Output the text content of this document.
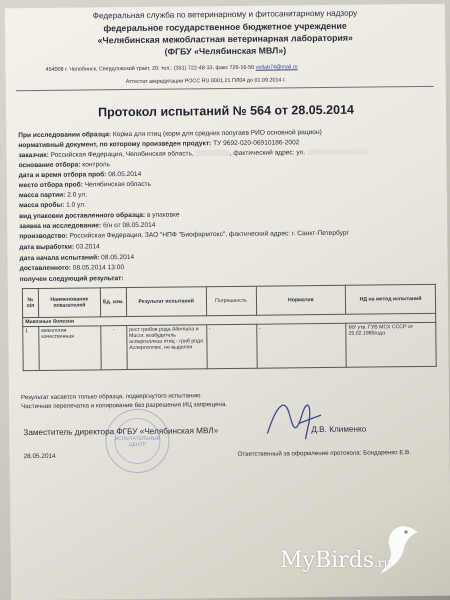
Федеральная служба по ветеринарному и фитосанитарному надзору
федеральное государственное бюджетное учреждение
«Челябинская межобластная ветеринарная лаборатория»
(ФГБУ «Челябинская МВЛ»)
454008 г. Челябинск, Свердловский тракт, 20; тел.: (351) 722-48-33, факс 726-16-50 vetlab74@mail.ru
Аттестат аккредитации РОСС RU 0001.21 ПЛ04 до 01.09.2014 г.
Протокол испытаний № 564 от 28.05.2014
При исследовании образца: Корма для птиц (корм для средних попугаев РИО основной рацион)
нормативный документ, по которому произведен продукт: ТУ 9692-020-06910186-2002
заказчик: Российская Федерация, Челябинская область,	, фактический адрес: ул.
основание отбора: контроль
дата и время отбора проб: 08.05.2014
место отбора проб: Челябинская область
масса партии: 2.0 ул.
масса пробы: 1.0 ул.
вид упаковки доставленного образца: в упаковке
заявка на исследование: б/н от 08.05.2014
производство: Российская Федерация, ЗАО "НПФ "Биофармтокс", фактический адрес: г. Санкт-Петербург
дата выработки: 03.2014
дата начала испытаний: 08.05.2014
доставленного: 08.05.2014 13:00
получен следующий результат:
№ п/п	Наименование показателей	Ед. изм.	Результат испытаний	Погрешность	Норматив	НД на метод испытаний
Микозные болезни						
1	микология качественная	-	рост грибов рода Alternaria и Mucor, возбудитель аспергиллеза птиц - гриб рода Аспергиллюс, не выделен	-	-	МУ утв. ГУВ МСХ СССР от 25.02.1985года
Результат касается только образца, подвергнутого испытанию.
Частичная перепечатка и копирование без разрешения ИЦ запрещена.
ИСПЫТАТЕЛЬНЫЙ ЦЕНТР
Заместитель директора ФГБУ «Челябинская МВЛ»	Д.В. Клименко
28.05.2014	Ответственный за оформление протокола: Бондаренко Е.В.
MyBirds.ru
